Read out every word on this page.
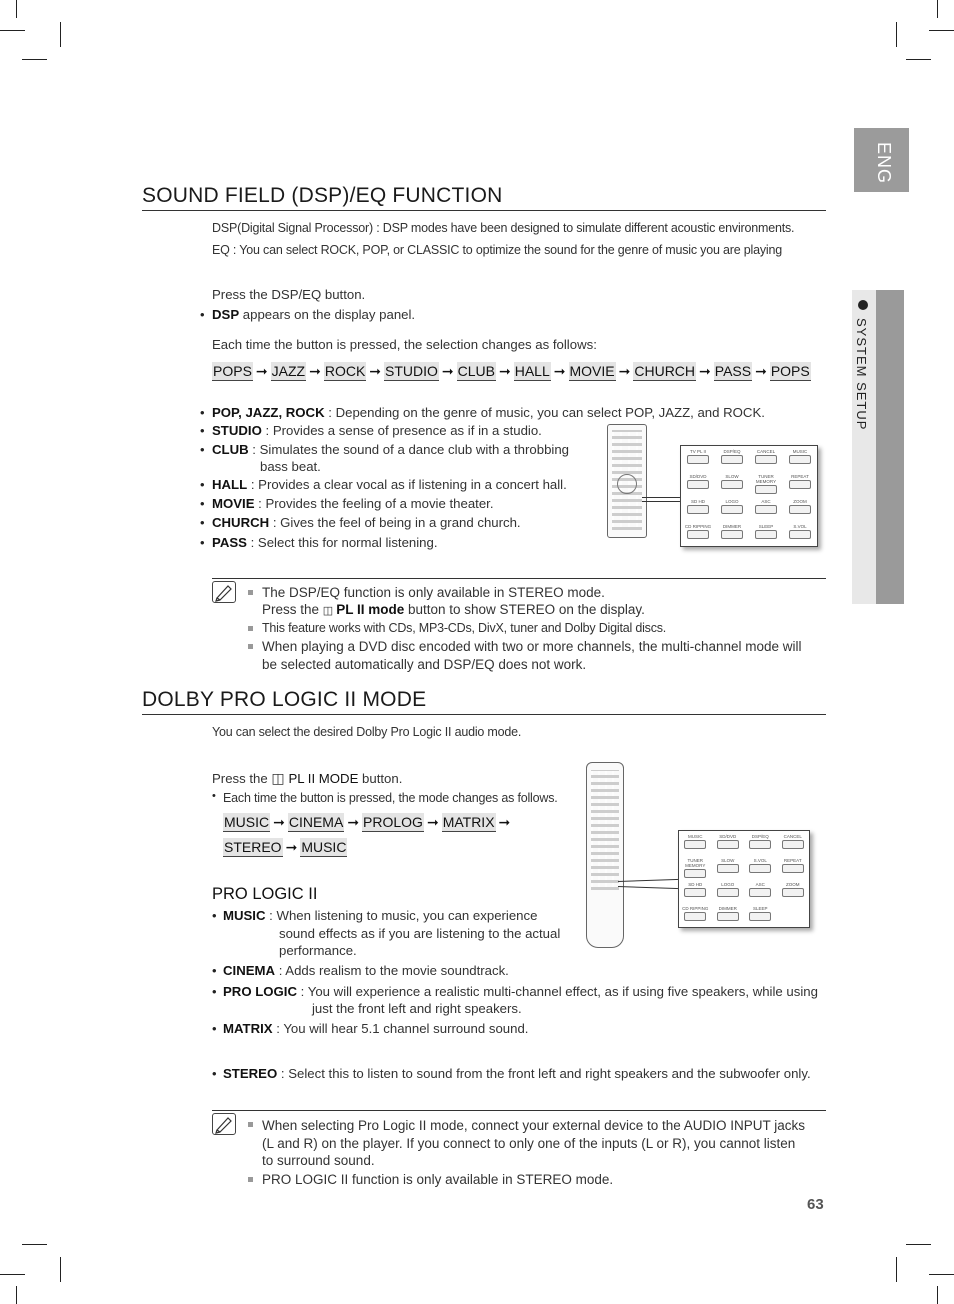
ENG
SYSTEM SETUP
SOUND FIELD (DSP)/EQ FUNCTION
DSP(Digital Signal Processor) : DSP modes have been designed to simulate different acoustic environments.
EQ : You can select ROCK, POP, or CLASSIC to optimize the sound for the genre of music you are playing
Press the DSP/EQ button.
• DSP appears on the display panel.
Each time the button is pressed, the selection changes as follows:
POPS ➞ JAZZ ➞ ROCK ➞ STUDIO ➞ CLUB ➞ HALL ➞ MOVIE ➞ CHURCH ➞ PASS ➞ POPS
• POP, JAZZ, ROCK : Depending on the genre of music, you can select POP, JAZZ, and ROCK.
• STUDIO : Provides a sense of presence as if in a studio.
• CLUB : Simulates the sound of a dance club with a throbbing
bass beat.
• HALL : Provides a clear vocal as if listening in a concert hall.
• MOVIE : Provides the feeling of a movie theater.
• CHURCH : Gives the feel of being in a grand church.
• PASS : Select this for normal listening.
TV PL II	DSP/EQ	CANCEL	MUSIC
SD/DVD	SLOW	TUNER MEMORY
REPEAT
SD HD	LOGO	ASC	ZOOM
CD RIPPING	DIMMER	SLEEP	S.VOL
The DSP/EQ function is only available in STEREO mode.
Press the ◫ PL II mode button to show STEREO on the display.
This feature works with CDs, MP3-CDs, DivX, tuner and Dolby Digital discs.
When playing a DVD disc encoded with two or more channels, the multi-channel mode will
be selected automatically and DSP/EQ does not work.
DOLBY PRO LOGIC II MODE
You can select the desired Dolby Pro Logic II audio mode.
Press the ◫ PL II MODE button.
• Each time the button is pressed, the mode changes as follows.
MUSIC ➞ CINEMA ➞ PROLOG ➞ MATRIX ➞
STEREO ➞ MUSIC
PRO LOGIC II
• MUSIC : When listening to music, you can experience
sound effects as if you are listening to the actual
performance.
• CINEMA : Adds realism to the movie soundtrack.
• PRO LOGIC : You will experience a realistic multi-channel effect, as if using five speakers, while using
just the front left and right speakers.
• MATRIX : You will hear 5.1 channel surround sound.
• STEREO : Select this to listen to sound from the front left and right speakers and the subwoofer only.
MUSIC	SD/DVD	DSP/EQ	CANCEL
TUNER MEMORY
SLOW	S.VOL	REPEAT
SD HD	LOGO	ASC	ZOOM
CD RIPPING	DIMMER	SLEEP
When selecting Pro Logic II mode, connect your external device to the AUDIO INPUT jacks
(L and R) on the player. If you connect to only one of the inputs (L or R), you cannot listen
to surround sound.
PRO LOGIC II function is only available in STEREO mode.
63
